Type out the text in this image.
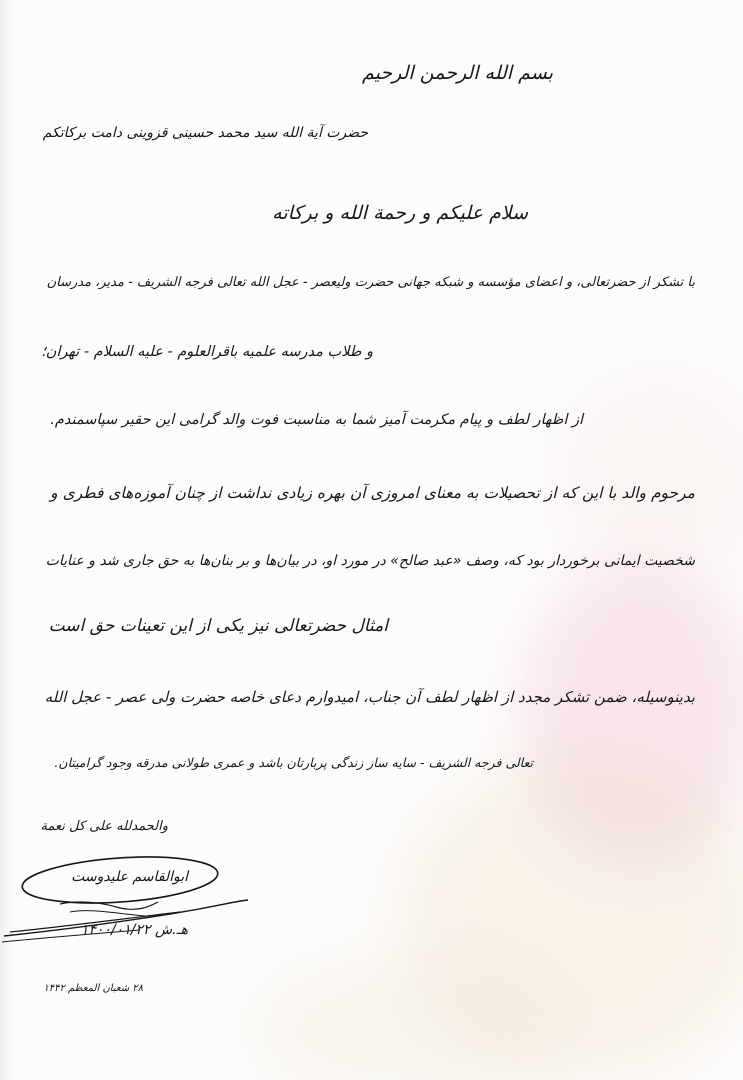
بسم الله الرحمن الرحیم
حضرت آیة الله سید محمد حسینی قزوینی دامت برکاتکم
سلام علیکم و رحمة الله و برکاته
با تشکر از حضرتعالی، و اعضای مؤسسه و شبکه جهانی حضرت ولیعصر - عجل الله تعالی فرجه الشریف - مدیر، مدرسان
و طلاب مدرسه علمیه باقرالعلوم - علیه السلام - تهران؛
از اظهار لطف و پیام مکرمت آمیز شما به مناسبت فوت والد گرامی این حقیر سپاسمندم.
مرحوم والد با این که از تحصیلات به معنای امروزی آن بهره زیادی نداشت از چنان آموزه‌های فطری و
شخصیت ایمانی برخوردار بود که، وصف «عبد صالح» در مورد او، در بیان‌ها و بر بنان‌ها به حق جاری شد و عنایات
امثال حضرتعالی نیز یکی از این تعینات حق است
بدینوسیله، ضمن تشکر مجدد از اظهار لطف آن جناب، امیدوارم دعای خاصه حضرت ولی عصر - عجل الله
تعالی فرجه الشریف - سایه ساز زندگی پربارتان باشد و عمری طولانی مدرقه وجود گرامیتان.
والحمدلله علی کل نعمة
ابوالقاسم علیدوست
۱۴۰۰/۰۱/۲۲ هـ.ش
۲۸ شعبان المعظم ۱۴۴۲
